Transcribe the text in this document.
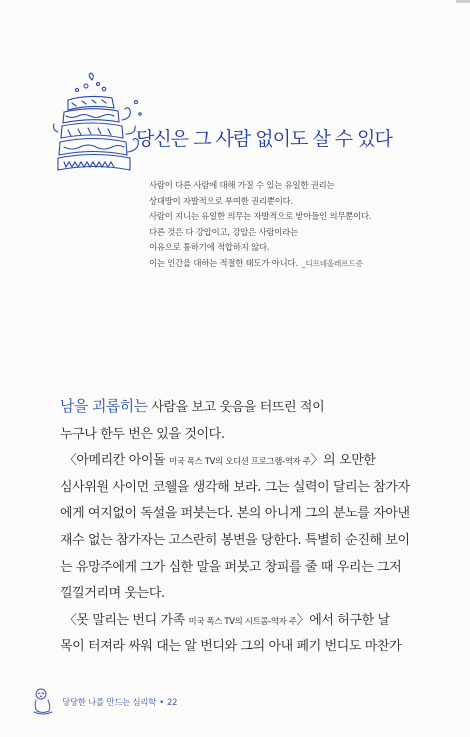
당신은 그 사람 없이도 살 수 있다

사람이 다른 사람에 대해 가질 수 있는 유일한 권리는

상대방이 자발적으로 부여한 권리뿐이다.

사람이 지니는 유일한 의무는 자발적으로 받아들인 의무뿐이다.

다른 것은 다 강압이고, 강압은 사람이라는

이유으로 통하기에 적합하지 않다.

이는 인간을 대하는 적절한 태도가 아니다. _디프네올레르드증

남을 괴롭히는 사람을 보고 웃음을 터뜨린 적이

누구나 한두 번은 있을 것이다.

〈아메리칸 아이돌 미국 폭스 TV의 오디션 프로그램-역자 주〉의 오만한

심사위원 사이먼 코웰을 생각해 보라. 그는 실력이 달리는 참가자

에게 여지없이 독설을 퍼붓는다. 본의 아니게 그의 분노를 자아낸

재수 없는 참가자는 고스란히 봉변을 당한다. 특별히 순진해 보이

는 유망주에게 그가 심한 말을 퍼붓고 창피를 줄 때 우리는 그저

낄낄거리며 웃는다.

〈못 말리는 번디 가족 미국 폭스 TV의 시트콤-역자 주〉에서 허구한 날

목이 터져라 싸워 대는 알 번디와 그의 아내 페기 번디도 마찬가

당당한 나를 만드는 심리학 • 22
